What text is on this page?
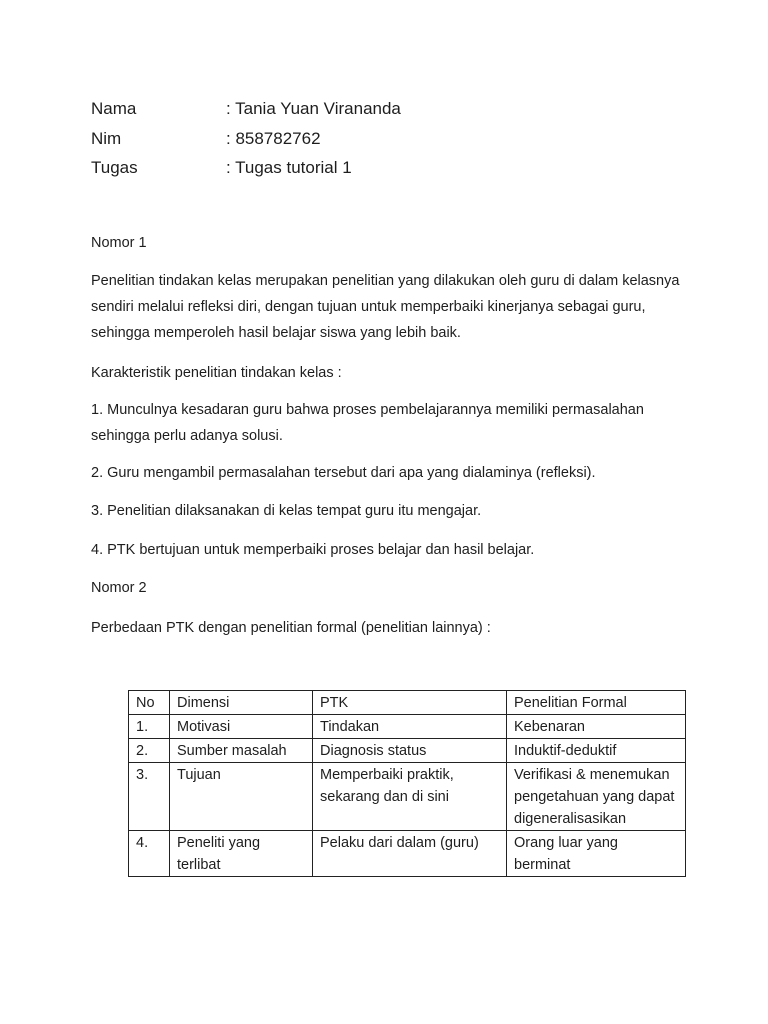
Nama	: Tania Yuan Virananda
Nim	: 858782762
Tugas	: Tugas tutorial 1
Nomor 1
Penelitian tindakan kelas merupakan penelitian yang dilakukan oleh guru di dalam kelasnya sendiri melalui refleksi diri, dengan tujuan untuk memperbaiki kinerjanya sebagai guru, sehingga memperoleh hasil belajar siswa yang lebih baik.
Karakteristik penelitian tindakan kelas :
1. Munculnya kesadaran guru bahwa proses pembelajarannya memiliki permasalahan sehingga perlu adanya solusi.
2. Guru mengambil permasalahan tersebut dari apa yang dialaminya (refleksi).
3. Penelitian dilaksanakan di kelas tempat guru itu mengajar.
4. PTK bertujuan untuk memperbaiki proses belajar dan hasil belajar.
Nomor 2
Perbedaan PTK dengan penelitian formal (penelitian lainnya) :
No	Dimensi	PTK	Penelitian Formal
1.	Motivasi	Tindakan	Kebenaran
2.	Sumber masalah	Diagnosis status	Induktif-deduktif
3.	Tujuan	Memperbaiki praktik, sekarang dan di sini	Verifikasi & menemukan pengetahuan yang dapat digeneralisasikan
4.	Peneliti yang terlibat	Pelaku dari dalam (guru)	Orang luar yang berminat
